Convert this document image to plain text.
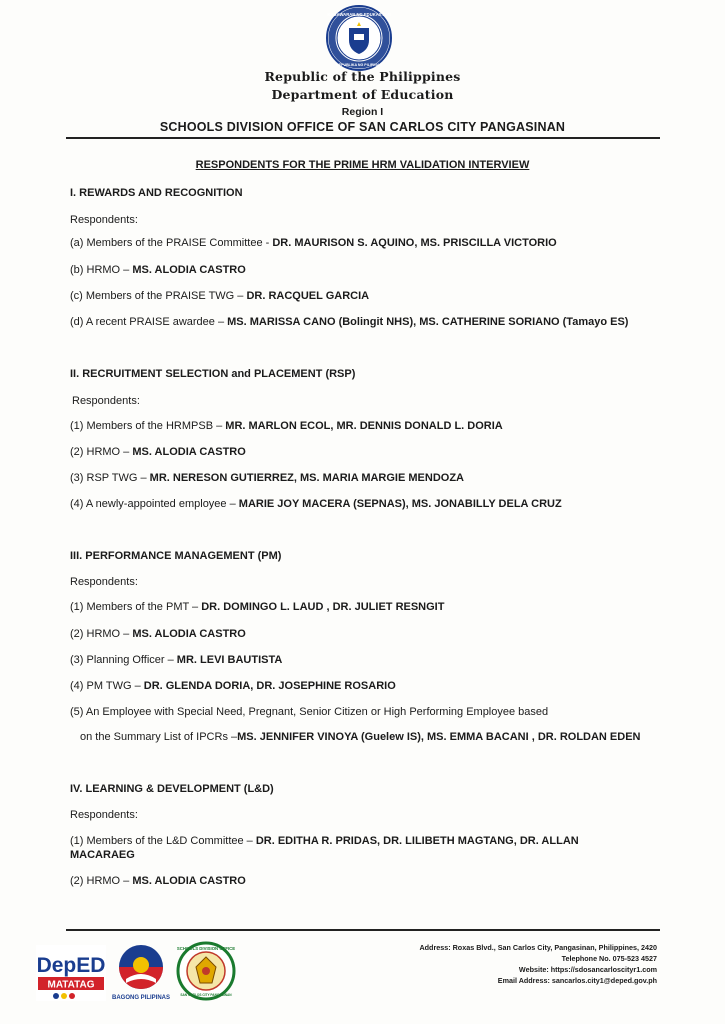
KAGAWARAN NG EDUKASYON
REPUBLIKA NG PILIPINAS
Republic of the Philippines
Department of Education
Region I
SCHOOLS DIVISION OFFICE OF SAN CARLOS CITY PANGASINAN
RESPONDENTS FOR THE PRIME HRM VALIDATION INTERVIEW
I. REWARDS AND RECOGNITION
Respondents:
(a) Members of the PRAISE Committee - DR. MAURISON S. AQUINO, MS. PRISCILLA VICTORIO
(b) HRMO – MS. ALODIA CASTRO
(c) Members of the PRAISE TWG – DR. RACQUEL GARCIA
(d) A recent PRAISE awardee – MS. MARISSA CANO (Bolingit NHS), MS. CATHERINE SORIANO (Tamayo ES)
II. RECRUITMENT SELECTION and PLACEMENT (RSP)
Respondents:
(1) Members of the HRMPSB – MR. MARLON ECOL, MR. DENNIS DONALD L. DORIA
(2) HRMO – MS. ALODIA CASTRO
(3) RSP TWG – MR. NERESON GUTIERREZ, MS. MARIA MARGIE MENDOZA
(4) A newly-appointed employee – MARIE JOY MACERA (SEPNAS), MS. JONABILLY DELA CRUZ
III. PERFORMANCE MANAGEMENT (PM)
Respondents:
(1) Members of the PMT – DR. DOMINGO L. LAUD , DR. JULIET RESNGIT
(2) HRMO – MS. ALODIA CASTRO
(3) Planning Officer – MR. LEVI BAUTISTA
(4) PM TWG – DR. GLENDA DORIA, DR. JOSEPHINE ROSARIO
(5) An Employee with Special Need, Pregnant, Senior Citizen or High Performing Employee based
on the Summary List of IPCRs –MS. JENNIFER VINOYA (Guelew IS), MS. EMMA BACANI , DR. ROLDAN EDEN
IV. LEARNING & DEVELOPMENT (L&D)
Respondents:
(1) Members of the L&D Committee – DR. EDITHA R. PRIDAS, DR. LILIBETH MAGTANG, DR. ALLAN
MACARAEG
(2) HRMO – MS. ALODIA CASTRO
DepED
MATATAG
BAGONG PILIPINAS
SCHOOLS DIVISION OFFICE
SAN CARLOS CITY PANGASINAN
Address: Roxas Blvd., San Carlos City, Pangasinan, Philippines, 2420
Telephone No. 075-523 4527
Website: https://sdosancarloscityr1.com
Email Address: sancarlos.city1@deped.gov.ph
